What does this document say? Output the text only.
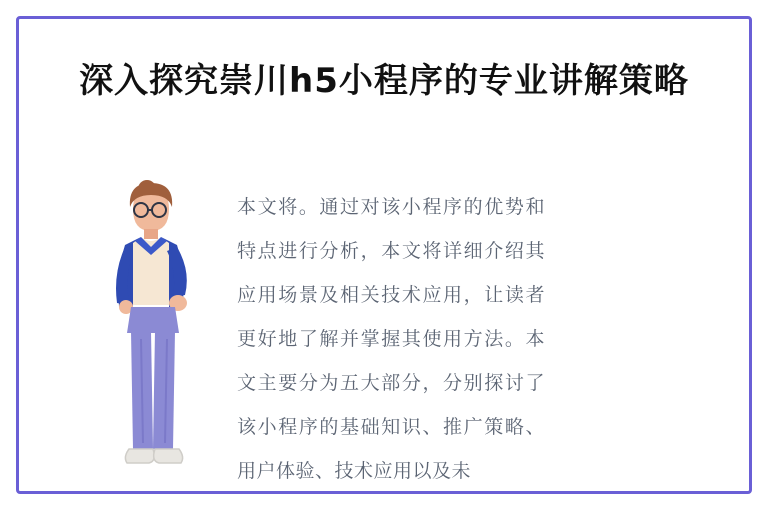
深入探究崇川h5小程序的专业讲解策略
本文将。通过对该小程序的优势和特点进行分析，本文将详细介绍其应用场景及相关技术应用，让读者更好地了解并掌握其使用方法。本文主要分为五大部分，分别探讨了该小程序的基础知识、推广策略、用户体验、技术应用以及未
